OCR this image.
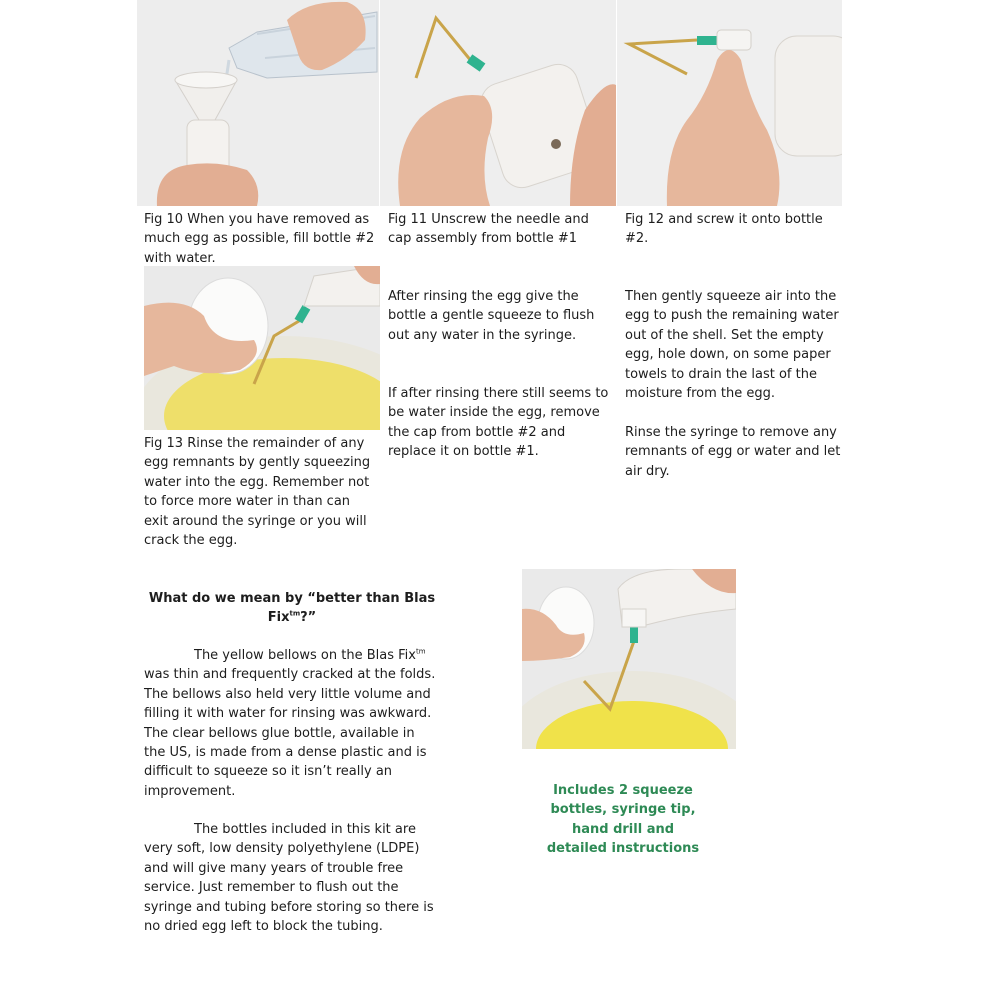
Fig 10 When you have removed as much egg as possible, fill bottle #2 with water.

Fig 11 Unscrew the needle and cap assembly from bottle #1

Fig 12 and screw it onto bottle #2.

Fig 13 Rinse the remainder of any egg remnants by gently squeezing water into the egg. Remember not to force more water in than can exit around the syringe or you will crack the egg.

After rinsing the egg give the bottle a gentle squeeze to flush out any water in the syringe.

If after rinsing there still seems to be water inside the egg, remove the cap from bottle #2 and replace it on bottle #1.

Then gently squeeze air into the egg to push the remaining water out of the shell. Set the empty egg, hole down, on some paper towels to drain the last of the moisture from the egg.

Rinse the syringe to remove any remnants of egg or water and let air dry.

What do we mean by “better than Blas Fix$^{tm}$?”

The yellow bellows on the Blas Fix$^{tm}$ was thin and frequently cracked at the folds. The bellows also held very little volume and filling it with water for rinsing was awkward. The clear bellows glue bottle, available in the US, is made from a dense plastic and is difficult to squeeze so it isn’t really an improvement.

The bottles included in this kit are very soft, low density polyethylene (LDPE) and will give many years of trouble free service. Just remember to flush out the syringe and tubing before storing so there is no dried egg left to block the tubing.

Includes 2 squeeze bottles, syringe tip, hand drill and detailed instructions
